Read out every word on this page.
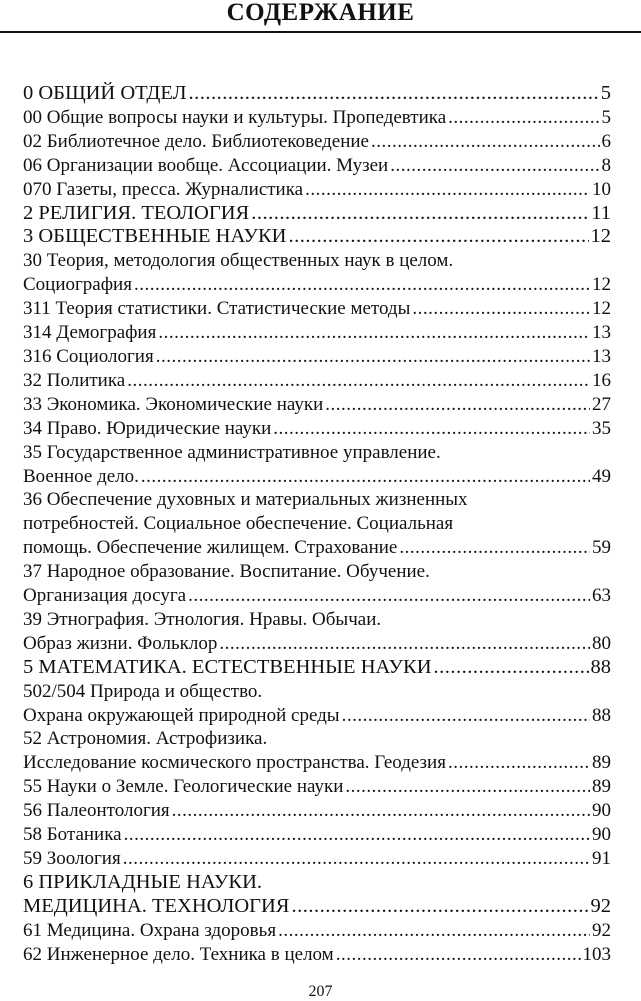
СОДЕРЖАНИЕ
0 ОБЩИЙ ОТДЕЛ .....	5
00 Общие вопросы науки и культуры. Пропедевтика .....	5
02 Библиотечное дело. Библиотековедение .....	6
06 Организации вообще. Ассоциации. Музеи .....	8
070 Газеты, пресса. Журналистика .....	10
2 РЕЛИГИЯ. ТЕОЛОГИЯ .....	11
3 ОБЩЕСТВЕННЫЕ НАУКИ .....	12
30 Теория, методология общественных наук в целом.
Социография .....	12
311 Теория статистики. Статистические методы .....	12
314 Демография .....	13
316 Социология .....	13
32 Политика .....	16
33 Экономика. Экономические науки .....	27
34 Право. Юридические науки .....	35
35 Государственное административное управление.
Военное дело. .....	49
36 Обеспечение духовных и материальных жизненных
потребностей. Социальное обеспечение. Социальная
помощь. Обеспечение жилищем. Страхование .....	59
37 Народное образование. Воспитание. Обучение.
Организация досуга .....	63
39 Этнография. Этнология. Нравы. Обычаи.
Образ жизни. Фольклор .....	80
5 МАТЕМАТИКА. ЕСТЕСТВЕННЫЕ НАУКИ .....	88
502/504 Природа и общество.
Охрана окружающей природной среды .....	88
52 Астрономия. Астрофизика.
Исследование космического пространства. Геодезия .....	89
55 Науки о Земле. Геологические науки .....	89
56 Палеонтология .....	90
58 Ботаника .....	90
59 Зоология .....	91
6 ПРИКЛАДНЫЕ НАУКИ.
МЕДИЦИНА. ТЕХНОЛОГИЯ .....	92
61 Медицина. Охрана здоровья .....	92
62 Инженерное дело. Техника в целом .....	103
207
